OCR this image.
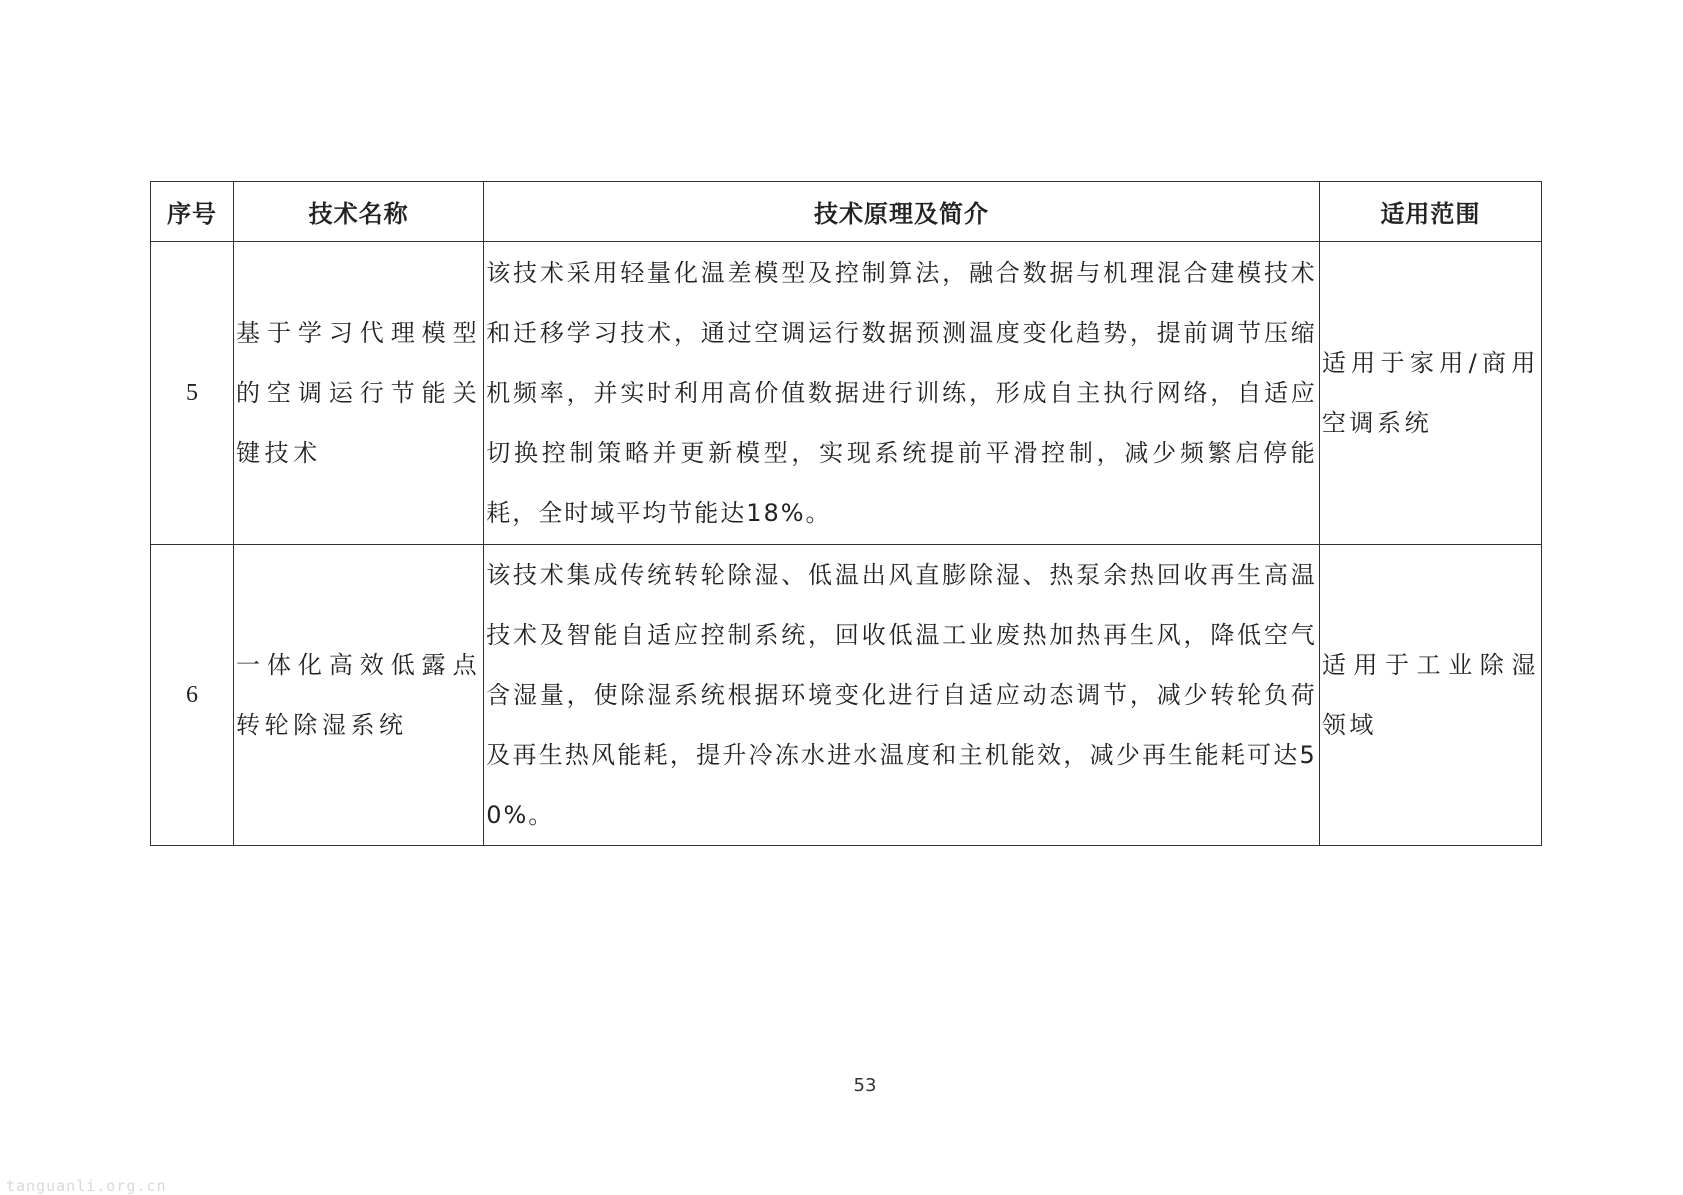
序号	技术名称	技术原理及简介	适用范围
5	基于学习代理模型的空调运行节能关键技术	该技术采用轻量化温差模型及控制算法，融合数据与机理混合建模技术和迁移学习技术，通过空调运行数据预测温度变化趋势，提前调节压缩机频率，并实时利用高价值数据进行训练，形成自主执行网络，自适应切换控制策略并更新模型，实现系统提前平滑控制，减少频繁启停能耗，全时域平均节能达18%。	适用于家用/商用空调系统
6	一体化高效低露点转轮除湿系统	该技术集成传统转轮除湿、低温出风直膨除湿、热泵余热回收再生高温技术及智能自适应控制系统，回收低温工业废热加热再生风，降低空气含湿量，使除湿系统根据环境变化进行自适应动态调节，减少转轮负荷及再生热风能耗，提升冷冻水进水温度和主机能效，减少再生能耗可达50%。	适用于工业除湿领域
53
tanguanli.org.cn
